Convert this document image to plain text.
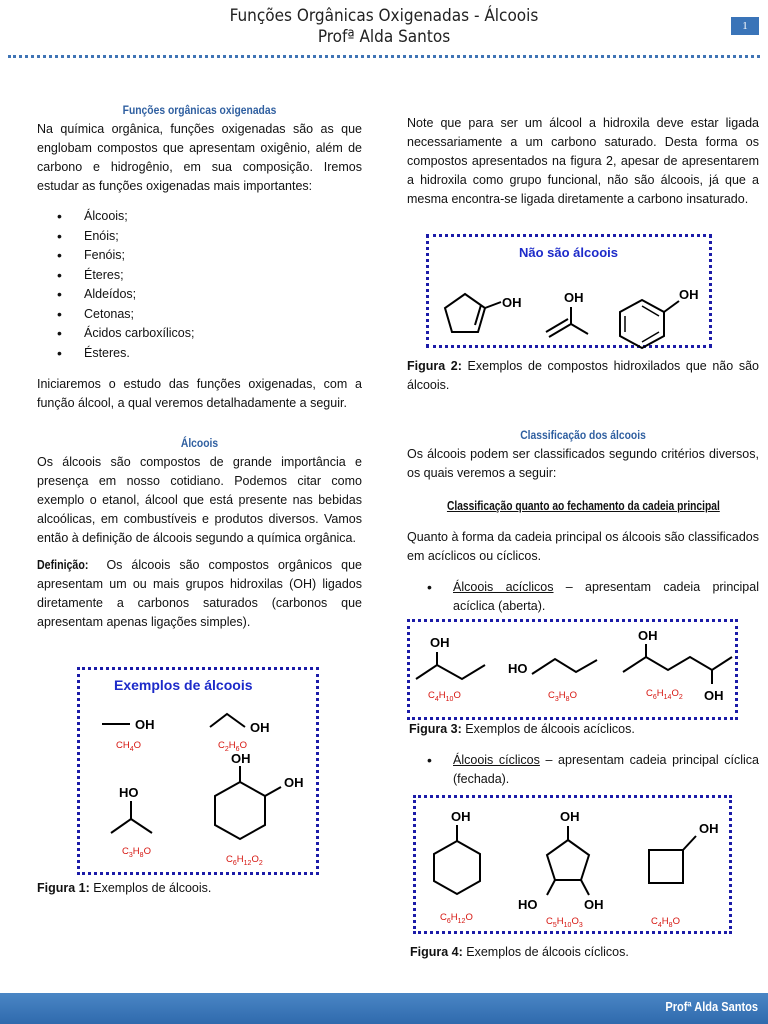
Funções Orgânicas Oxigenadas - Álcoois
Profª Alda Santos
1
Funções orgânicas oxigenadas

Na química orgânica, funções oxigenadas são as que englobam compostos que apresentam oxigênio, além de carbono e hidrogênio, em sua composição. Iremos estudar as funções oxigenadas mais importantes:

• Álcoois;
• Enóis;
• Fenóis;
• Éteres;
• Aldeídos;
• Cetonas;
• Ácidos carboxílicos;
• Ésteres.

Iniciaremos o estudo das funções oxigenadas, com a função álcool, a qual veremos detalhadamente a seguir.

Álcoois

Os álcoois são compostos de grande importância e presença em nosso cotidiano. Podemos citar como exemplo o etanol, álcool que está presente nas bebidas alcoólicas, em combustíveis e produtos diversos. Vamos então à definição de álcoois segundo a química orgânica.

Definição: Os álcoois são compostos orgânicos que apresentam um ou mais grupos hidroxilas (OH) ligados diretamente a carbonos saturados (carbonos que apresentam apenas ligações simples).

Exemplos de álcoois
OH
$CH_4O$
OH
$C_2H_6O$
HO
$C_3H_8O$
OH
OH
$C_6H_{12}O_2$
Figura 1: Exemplos de álcoois.

Note que para ser um álcool a hidroxila deve estar ligada necessariamente a um carbono saturado. Desta forma os compostos apresentados na figura 2, apesar de apresentarem a hidroxila como grupo funcional, não são álcoois, já que a mesma encontra-se ligada diretamente a carbono insaturado.

Não são álcoois
OH	OH	OH

Figura 2: Exemplos de compostos hidroxilados que não são álcoois.

Classificação dos álcoois

Os álcoois podem ser classificados segundo critérios diversos, os quais veremos a seguir:

Classificação quanto ao fechamento da cadeia principal

Quanto à forma da cadeia principal os álcoois são classificados em acíclicos ou cíclicos.

• Álcoois acíclicos – apresentam cadeia principal acíclica (aberta).
OH
$C_4H_{10}O$
HO
$C_3H_8O$
OH
OH
$C_6H_{14}O_2$
Figura 3: Exemplos de álcoois acíclicos.
• Álcoois cíclicos – apresentam cadeia principal cíclica (fechada).
OH
$C_6H_{12}O$
OH
HO	OH
$C_5H_{10}O_3$
OH
$C_4H_8O$
Figura 4: Exemplos de álcoois cíclicos.
Profª Alda Santos
